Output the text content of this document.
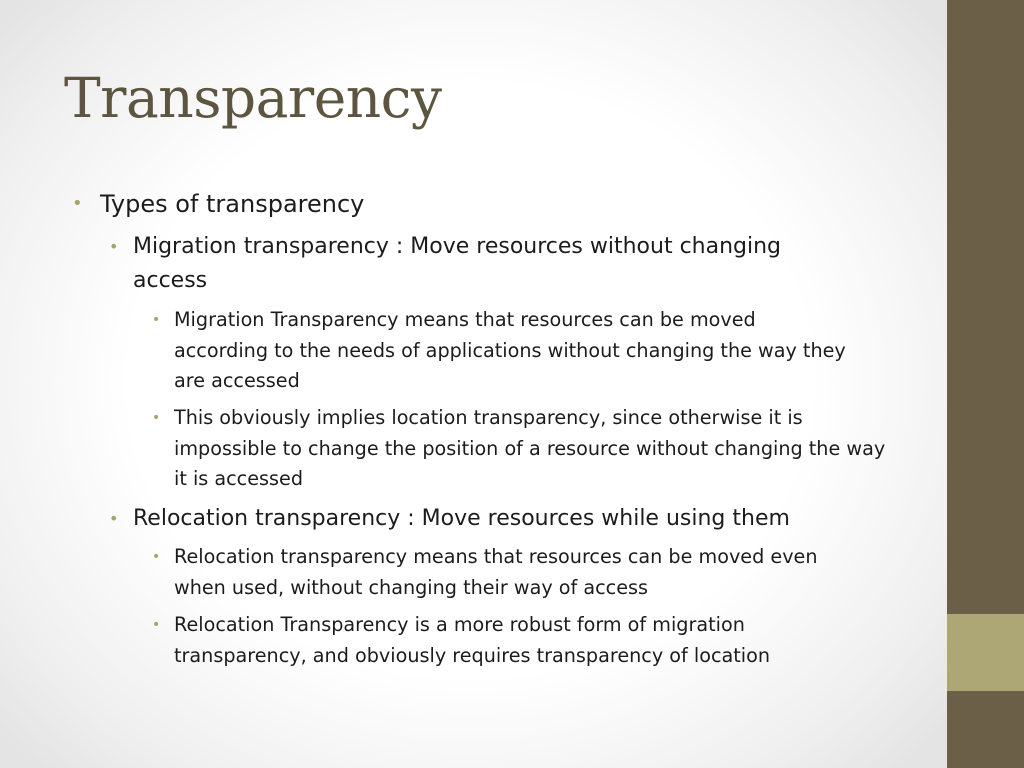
Transparency

• Types of transparency

• Migration transparency : Move resources without changing access

• Migration Transparency means that resources can be moved according to the needs of applications without changing the way they are accessed

• This obviously implies location transparency, since otherwise it is impossible to change the position of a resource without changing the way it is accessed

• Relocation transparency : Move resources while using them

• Relocation transparency means that resources can be moved even when used, without changing their way of access

• Relocation Transparency is a more robust form of migration transparency, and obviously requires transparency of location
